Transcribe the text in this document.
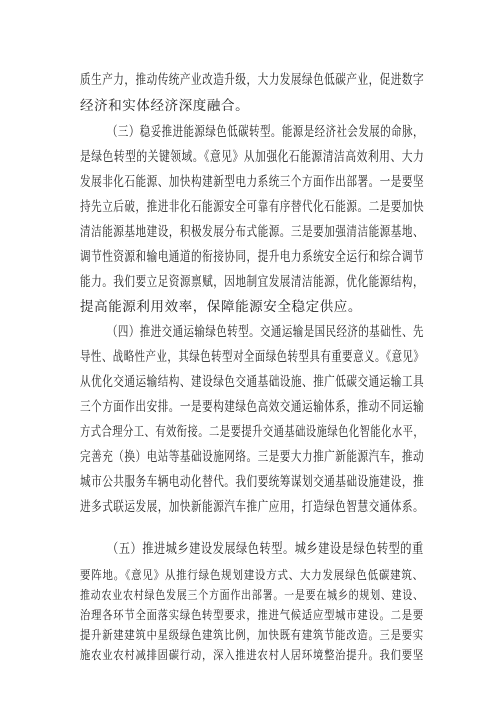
质生产力，推动传统产业改造升级，大力发展绿色低碳产业，促进数字
经济和实体经济深度融合。
（三）稳妥推进能源绿色低碳转型。能源是经济社会发展的命脉，
是绿色转型的关键领域。《意见》从加强化石能源清洁高效利用、大力
发展非化石能源、加快构建新型电力系统三个方面作出部署。一是要坚
持先立后破，推进非化石能源安全可靠有序替代化石能源。二是要加快
清洁能源基地建设，积极发展分布式能源。三是要加强清洁能源基地、
调节性资源和输电通道的衔接协同，提升电力系统安全运行和综合调节
能力。我们要立足资源禀赋，因地制宜发展清洁能源，优化能源结构，
提高能源利用效率，保障能源安全稳定供应。
（四）推进交通运输绿色转型。交通运输是国民经济的基础性、先
导性、战略性产业，其绿色转型对全面绿色转型具有重要意义。《意见》
从优化交通运输结构、建设绿色交通基础设施、推广低碳交通运输工具
三个方面作出安排。一是要构建绿色高效交通运输体系，推动不同运输
方式合理分工、有效衔接。二是要提升交通基础设施绿色化智能化水平，
完善充（换）电站等基础设施网络。三是要大力推广新能源汽车，推动
城市公共服务车辆电动化替代。我们要统筹谋划交通基础设施建设，推
进多式联运发展，加快新能源汽车推广应用，打造绿色智慧交通体系。
（五）推进城乡建设发展绿色转型。城乡建设是绿色转型的重
要阵地。《意见》从推行绿色规划建设方式、大力发展绿色低碳建筑、
推动农业农村绿色发展三个方面作出部署。一是要在城乡的规划、建设、
治理各环节全面落实绿色转型要求，推进气候适应型城市建设。二是要
提升新建建筑中星级绿色建筑比例，加快既有建筑节能改造。三是要实
施农业农村减排固碳行动，深入推进农村人居环境整治提升。我们要坚
